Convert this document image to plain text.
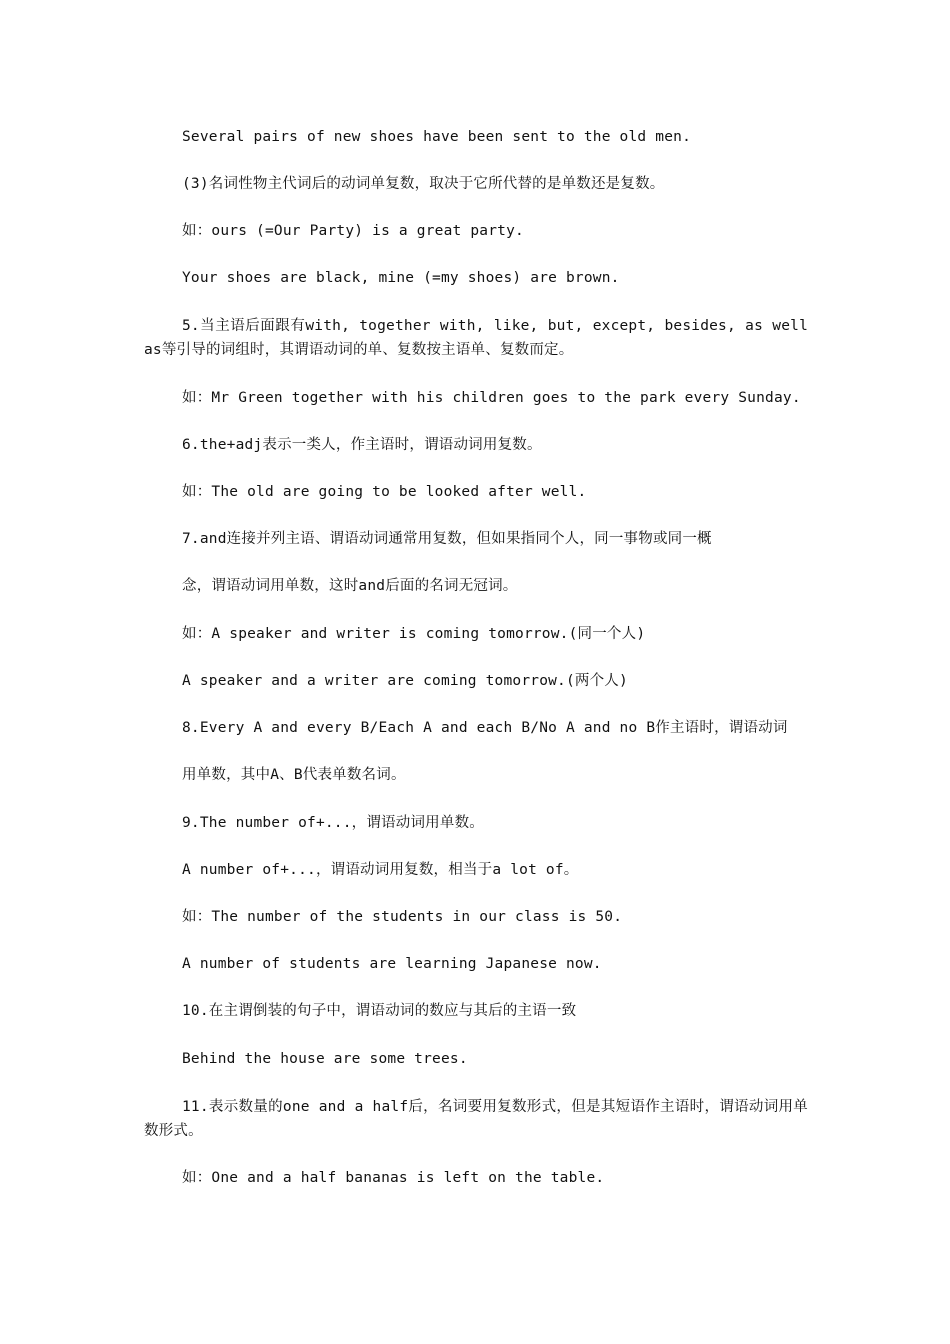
Several pairs of new shoes have been sent to the old men.
(3)名词性物主代词后的动词单复数，取决于它所代替的是单数还是复数。
如：ours (=Our Party) is a great party.
Your shoes are black, mine (=my shoes) are brown.
5.当主语后面跟有with, together with, like, but, except, besides, as well as等引导的词组时，其谓语动词的单、复数按主语单、复数而定。
如：Mr Green together with his children goes to the park every Sunday.
6.the+adj表示一类人，作主语时，谓语动词用复数。
如：The old are going to be looked after well.
7.and连接并列主语、谓语动词通常用复数，但如果指同个人，同一事物或同一概
念，谓语动词用单数，这时and后面的名词无冠词。
如：A speaker and writer is coming tomorrow.(同一个人)
A speaker and a writer are coming tomorrow.(两个人)
8.Every A and every B/Each A and each B/No A and no B作主语时，谓语动词
用单数，其中A、B代表单数名词。
9.The number of+...，谓语动词用单数。
A number of+...，谓语动词用复数，相当于a lot of。
如：The number of the students in our class is 50.
A number of students are learning Japanese now.
10.在主谓倒装的句子中，谓语动词的数应与其后的主语一致
Behind the house are some trees.
11.表示数量的one and a half后，名词要用复数形式，但是其短语作主语时，谓语动词用单数形式。
如：One and a half bananas is left on the table.
